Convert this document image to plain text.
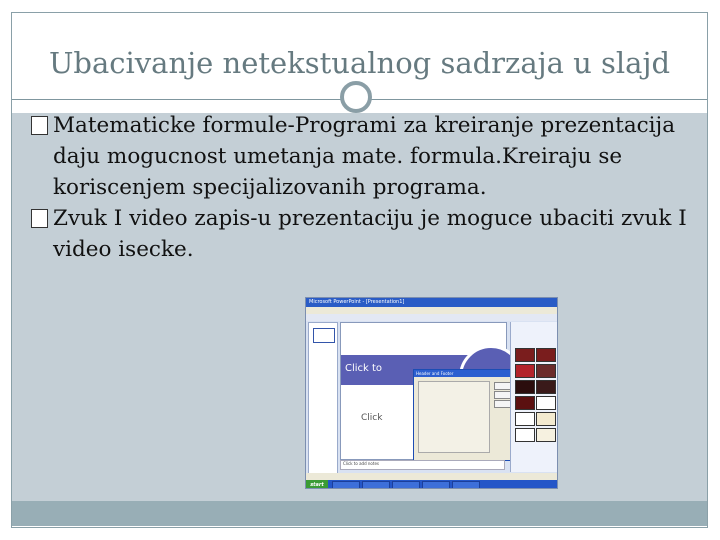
Ubacivanje netekstualnog sadrzaja u slajd
Matematicke formule-Programi za kreiranje prezentacija daju mogucnost umetanja mate. formula.Kreiraju se koriscenjem specijalizovanih programa.
Zvuk I video zapis-u prezentaciju je moguce ubaciti zvuk I video isecke.
Microsoft PowerPoint - [Presentation1]
Click to
Click
Header and Footer
Click to add notes
start
